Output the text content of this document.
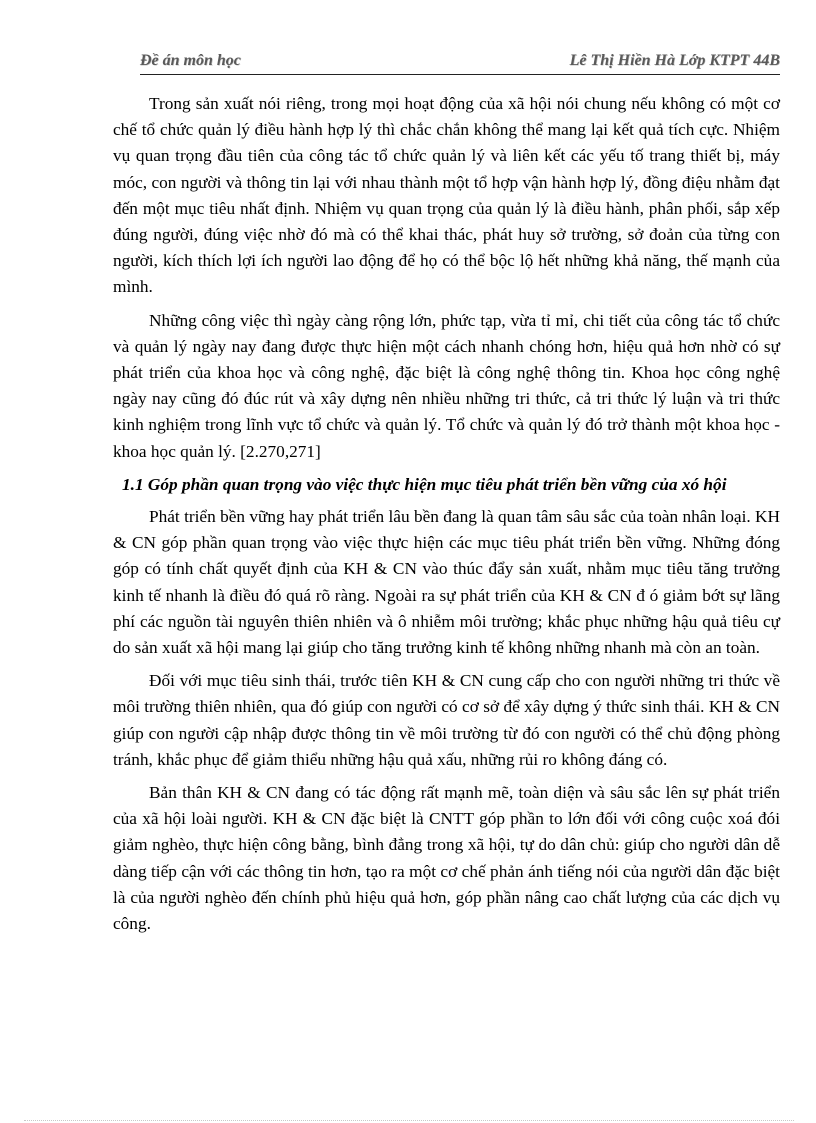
Đề án môn học	Lê Thị Hiền Hà Lớp KTPT 44B

Trong sản xuất nói riêng, trong mọi hoạt động của xã hội nói chung nếu không có một cơ chế tổ chức quản lý điều hành hợp lý thì chắc chắn không thể mang lại kết quả tích cực. Nhiệm vụ quan trọng đầu tiên của công tác tổ chức quản lý và liên kết các yếu tố trang thiết bị, máy móc, con người và thông tin lại với nhau thành một tổ hợp vận hành hợp lý, đồng điệu nhằm đạt đến một mục tiêu nhất định. Nhiệm vụ quan trọng của quản lý là điều hành, phân phối, sắp xếp đúng người, đúng việc nhờ đó mà có thể khai thác, phát huy sở trường, sở đoản của từng con người, kích thích lợi ích người lao động để họ có thể bộc lộ hết những khả năng, thế mạnh của mình.

Những công việc thì ngày càng rộng lớn, phức tạp, vừa tỉ mỉ, chi tiết của công tác tổ chức và quản lý ngày nay đang được thực hiện một cách nhanh chóng hơn, hiệu quả hơn nhờ có sự phát triển của khoa học và công nghệ, đặc biệt là công nghệ thông tin. Khoa học công nghệ ngày nay cũng đó đúc rút và xây dựng nên nhiều những tri thức, cả tri thức lý luận và tri thức kinh nghiệm trong lĩnh vực tổ chức và quản lý. Tổ chức và quản lý đó trở thành một khoa học - khoa học quản lý. [2.270,271]

1.1 Góp phần quan trọng vào việc thực hiện mục tiêu phát triển bền vững của xó hội

Phát triển bền vững hay phát triển lâu bền đang là quan tâm sâu sắc của toàn nhân loại. KH & CN góp phần quan trọng vào việc thực hiện các mục tiêu phát triển bền vững. Những đóng góp có tính chất quyết định của KH & CN vào thúc đẩy sản xuất, nhằm mục tiêu tăng trưởng kinh tế nhanh là điều đó quá rõ ràng. Ngoài ra sự phát triển của KH & CN đ ó giảm bớt sự lãng phí các nguồn tài nguyên thiên nhiên và ô nhiễm môi trường; khắc phục những hậu quả tiêu cự do sản xuất xã hội mang lại giúp cho tăng trưởng kinh tế không những nhanh mà còn an toàn.

Đối với mục tiêu sinh thái, trước tiên KH & CN cung cấp cho con người những tri thức về môi trường thiên nhiên, qua đó giúp con người có cơ sở để xây dựng ý thức sinh thái. KH & CN giúp con người cập nhập được thông tin về môi trường từ đó con người có thể chủ động phòng tránh, khắc phục để giảm thiểu những hậu quả xấu, những rủi ro không đáng có.

Bản thân KH & CN đang có tác động rất mạnh mẽ, toàn diện và sâu sắc lên sự phát triển của xã hội loài người. KH & CN đặc biệt là CNTT góp phần to lớn đối với công cuộc xoá đói giảm nghèo, thực hiện công bằng, bình đẳng trong xã hội, tự do dân chủ: giúp cho người dân dễ dàng tiếp cận với các thông tin hơn, tạo ra một cơ chế phản ánh tiếng nói của người dân đặc biệt là của người nghèo đến chính phủ hiệu quả hơn, góp phần nâng cao chất lượng của các dịch vụ công.
